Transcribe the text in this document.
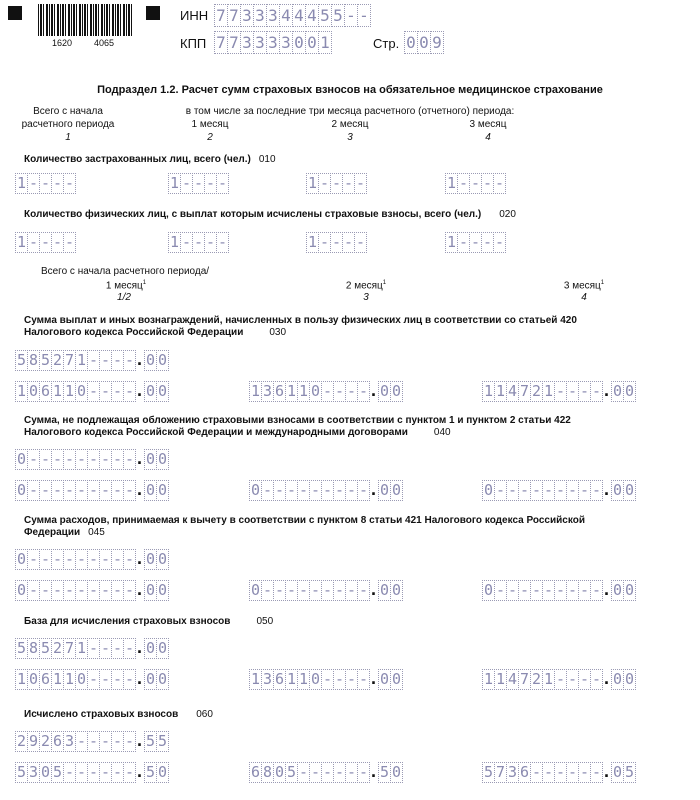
1620 4065
ИНН 7 7 3 3 3 4 4 4 5 5 - -
КПП 7 7 3 3 3 3 0 0 1	Стр. 0 0 9
Подраздел 1.2. Расчет сумм страховых взносов на обязательное медицинское страхование
Всего с начала
расчетного периода
1
в том числе за последние три месяца расчетного (отчетного) периода:
1 месяц
2
2 месяц
3
3 месяц
4
Количество застрахованных лиц, всего (чел.) 010
1 - - - -	1 - - - -	1 - - - -	1 - - - -
Количество физических лиц, с выплат которым исчислены страховые взносы, всего (чел.) 020
1 - - - -	1 - - - -	1 - - - -	1 - - - -
Всего с начала расчетного периода/
1 месяц$^1$
1/2
2 месяц$^1$
3
3 месяц$^1$
4
Сумма выплат и иных вознаграждений, начисленных в пользу физических лиц в соответствии со статьей 420
Налогового кодекса Российской Федерации	030
5 8 5 2 7 1 - - - - . 0 0
1 0 6 1 1 0 - - - - . 0 0	1 3 6 1 1 0 - - - - . 0 0	1 1 4 7 2 1 - - - - . 0 0
Сумма, не подлежащая обложению страховыми взносами в соответствии с пунктом 1 и пунктом 2 статьи 422
Налогового кодекса Российской Федерации и международными договорами	040
0 - - - - - - - - - . 0 0
0 - - - - - - - - - . 0 0	0 - - - - - - - - - . 0 0	0 - - - - - - - - - . 0 0
Сумма расходов, принимаемая к вычету в соответствии с пунктом 8 статьи 421 Налогового кодекса Российской
Федерации 045
0 - - - - - - - - - . 0 0
0 - - - - - - - - - . 0 0	0 - - - - - - - - - . 0 0	0 - - - - - - - - - . 0 0
База для исчисления страховых взносов	050
5 8 5 2 7 1 - - - - . 0 0
1 0 6 1 1 0 - - - - . 0 0	1 3 6 1 1 0 - - - - . 0 0	1 1 4 7 2 1 - - - - . 0 0
Исчислено страховых взносов 060
2 9 2 6 3 - - - - - . 5 5
5 3 0 5 - - - - - - . 5 0	6 8 0 5 - - - - - - . 5 0	5 7 3 6 - - - - - - . 0 5
